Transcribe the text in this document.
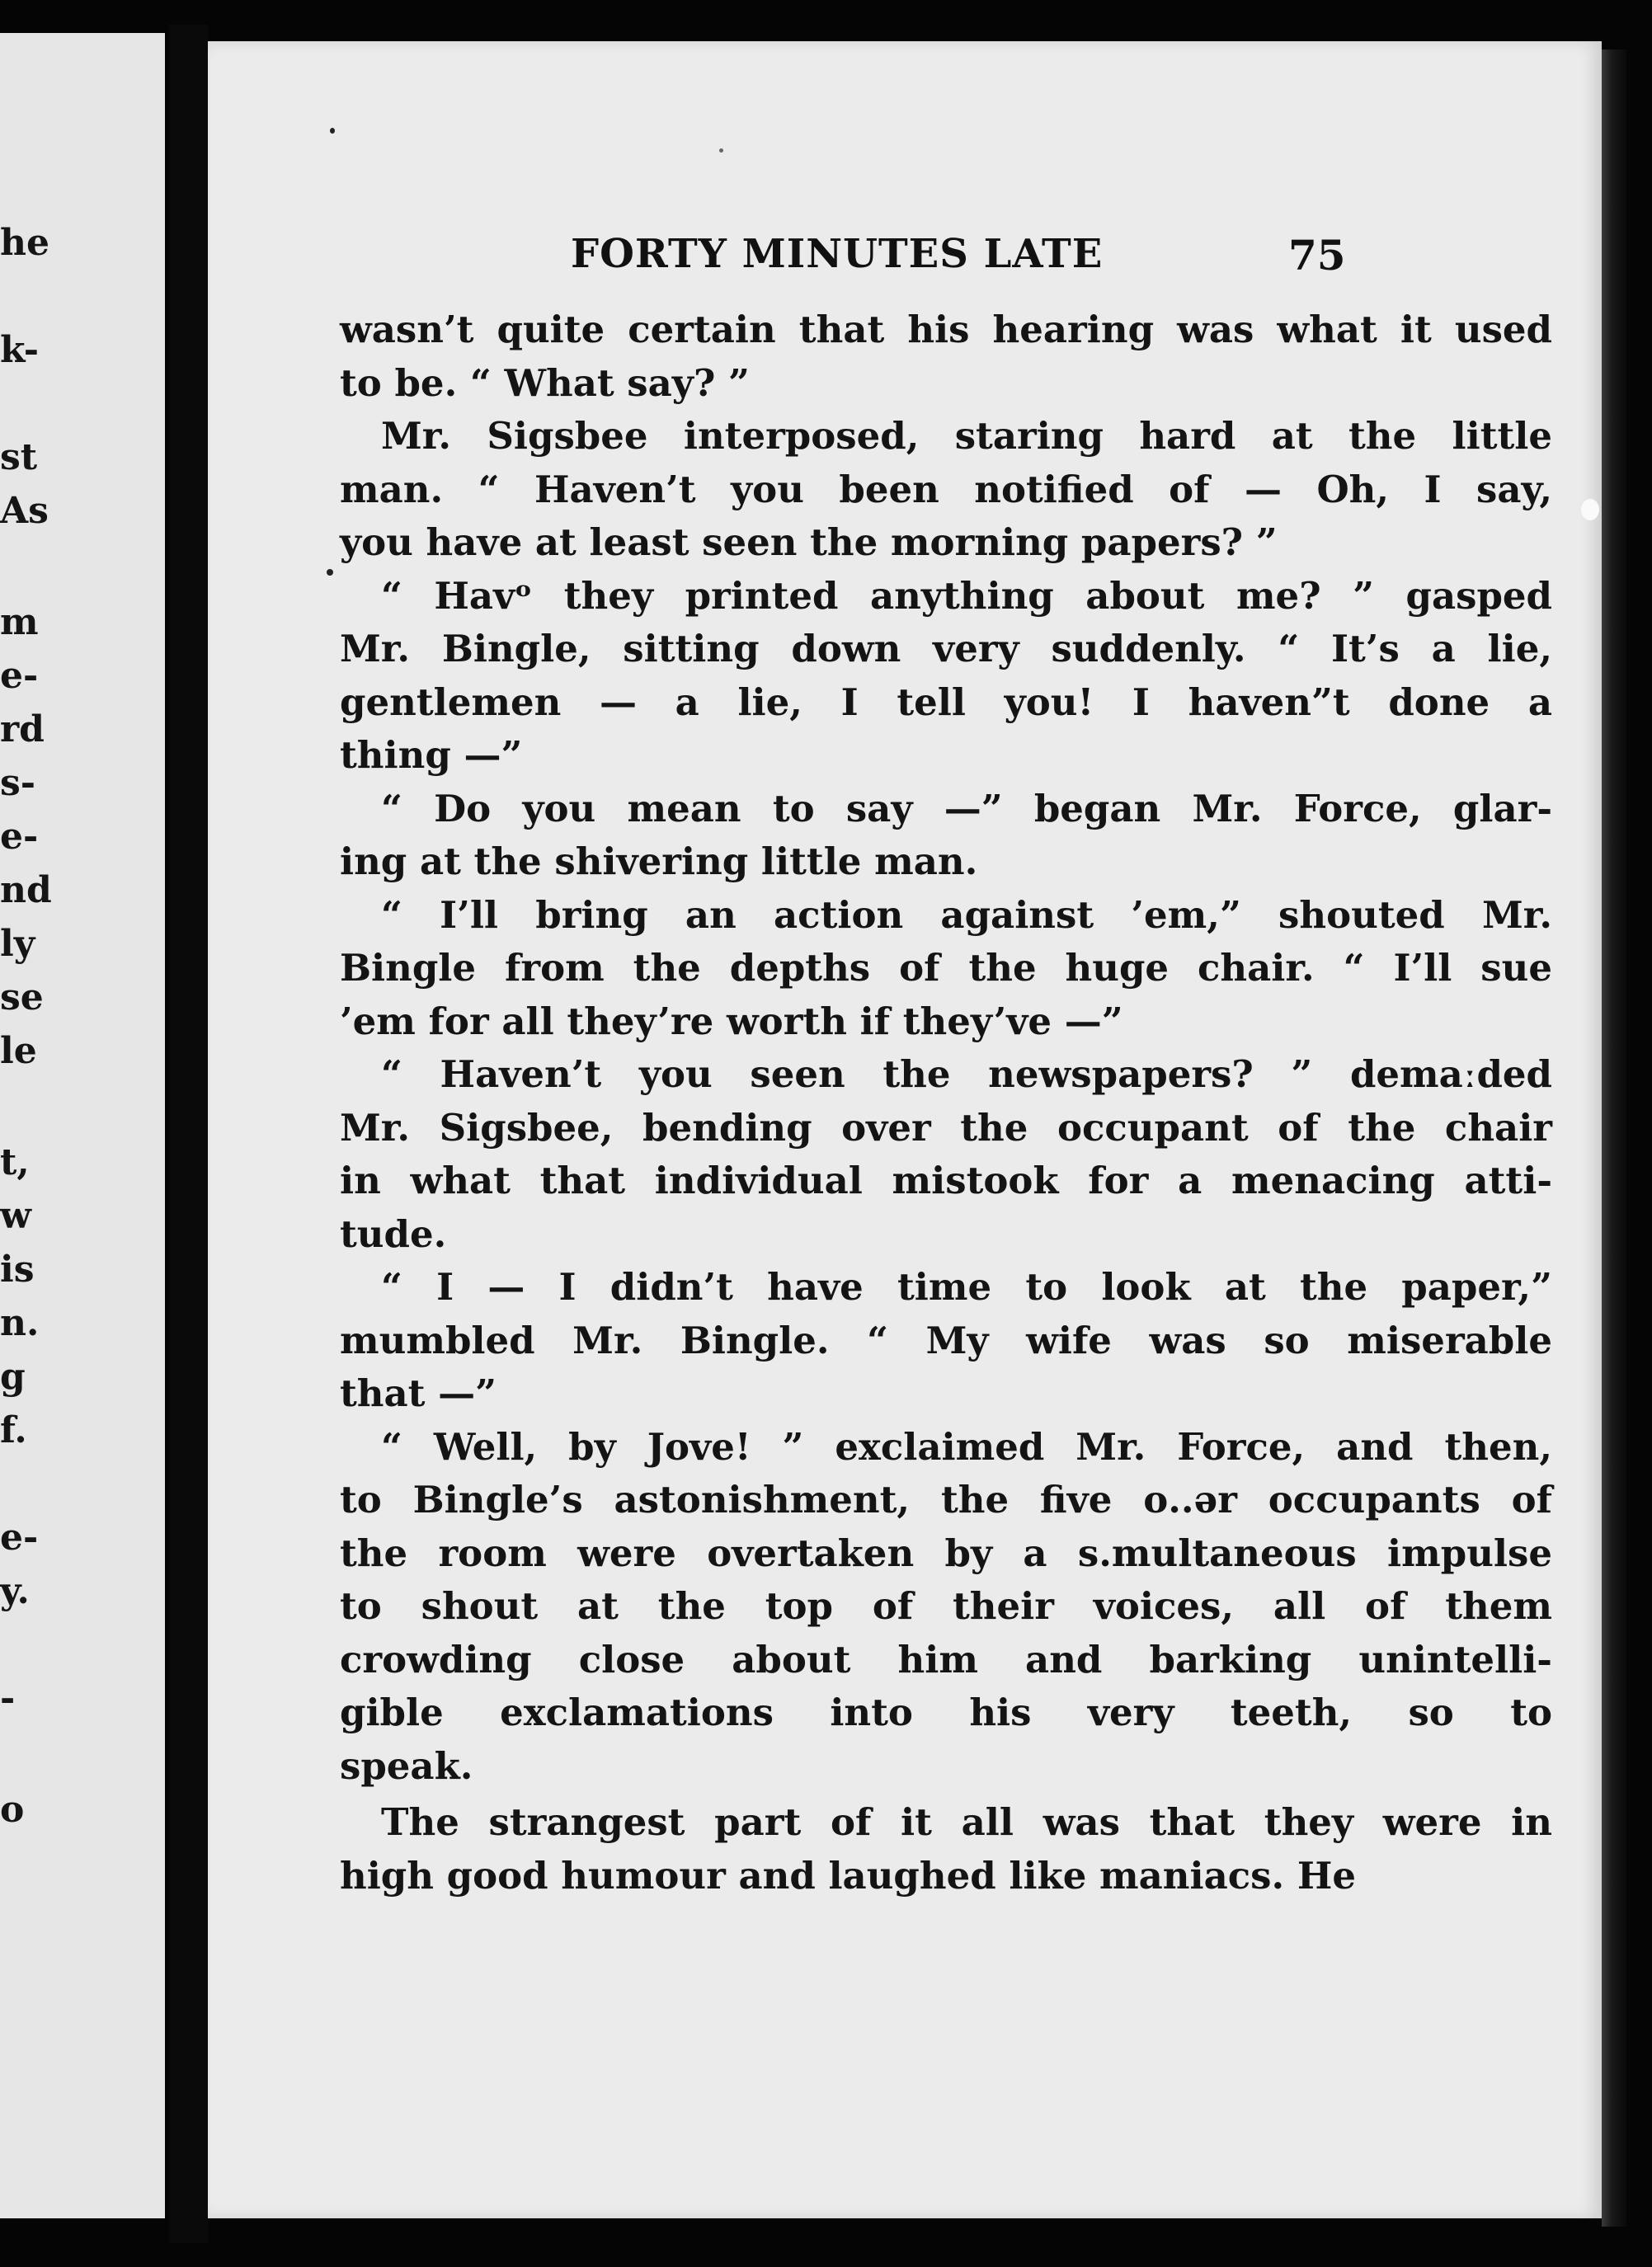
he
k-
st
As
m
e-
rd
s-
e-
nd
ly
se
le
t,
w
is
n.
g
f.
e-
y.
-
o
FORTY MINUTES LATE	75

wasn’t quite certain that his hearing was what it used
to be. “ What say? ”

Mr. Sigsbee interposed, staring hard at the little
man. “ Haven’t you been notified of — Oh, I say,
you have at least seen the morning papers? ”

“ Havᵒ they printed anything about me? ” gasped
Mr. Bingle, sitting down very suddenly. “ It’s a lie,
gentlemen — a lie, I tell you! I haven”t done a
thing —”

“ Do you mean to say —” began Mr. Force, glar-
ing at the shivering little man.

“ I’ll bring an action against ’em,” shouted Mr.
Bingle from the depths of the huge chair. “ I’ll sue
’em for all they’re worth if they’ve —”

“ Haven’t you seen the newspapers? ” demaːded
Mr. Sigsbee, bending over the occupant of the chair
in what that individual mistook for a menacing atti-
tude.

“ I — I didn’t have time to look at the paper,”
mumbled Mr. Bingle. “ My wife was so miserable
that —”

“ Well, by Jove! ” exclaimed Mr. Force, and then,
to Bingle’s astonishment, the five o․․ər occupants of
the room were overtaken by a s․multaneous impulse
to shout at the top of their voices, all of them
crowding close about him and barking unintelli-
gible exclamations into his very teeth, so to
speak.

The strangest part of it all was that they were in
high good humour and laughed like maniacs. He
